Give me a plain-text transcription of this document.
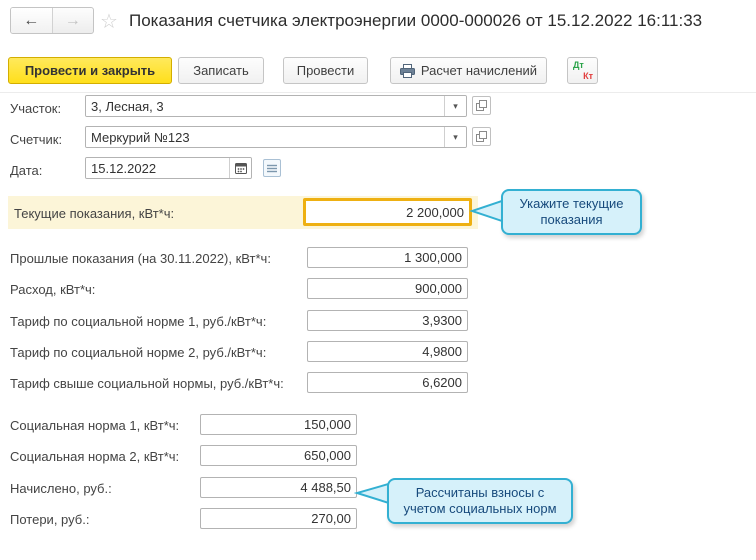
← → ☆ Показания счетчика электроэнергии 0000-000026 от 15.12.2022 16:11:33
Провести и закрыть	Записать	Провести	Расчет начислений	Дт
Кт
Участок:
3, Лесная, 3	▾
Счетчик:
Меркурий №123	▾
Дата:
15.12.2022
Текущие показания, кВт*ч:
2 200,000
Укажите текущие показания
Прошлые показания (на 30.11.2022), кВт*ч:
1 300,000
Расход, кВт*ч:
900,000
Тариф по социальной норме 1, руб./кВт*ч:
3,9300
Тариф по социальной норме 2, руб./кВт*ч:
4,9800
Тариф свыше социальной нормы, руб./кВт*ч:
6,6200
Социальная норма 1, кВт*ч:
150,000
Социальная норма 2, кВт*ч:
650,000
Начислено, руб.:
4 488,50
Потери, руб.:
270,00
Рассчитаны взносы с учетом социальных норм
